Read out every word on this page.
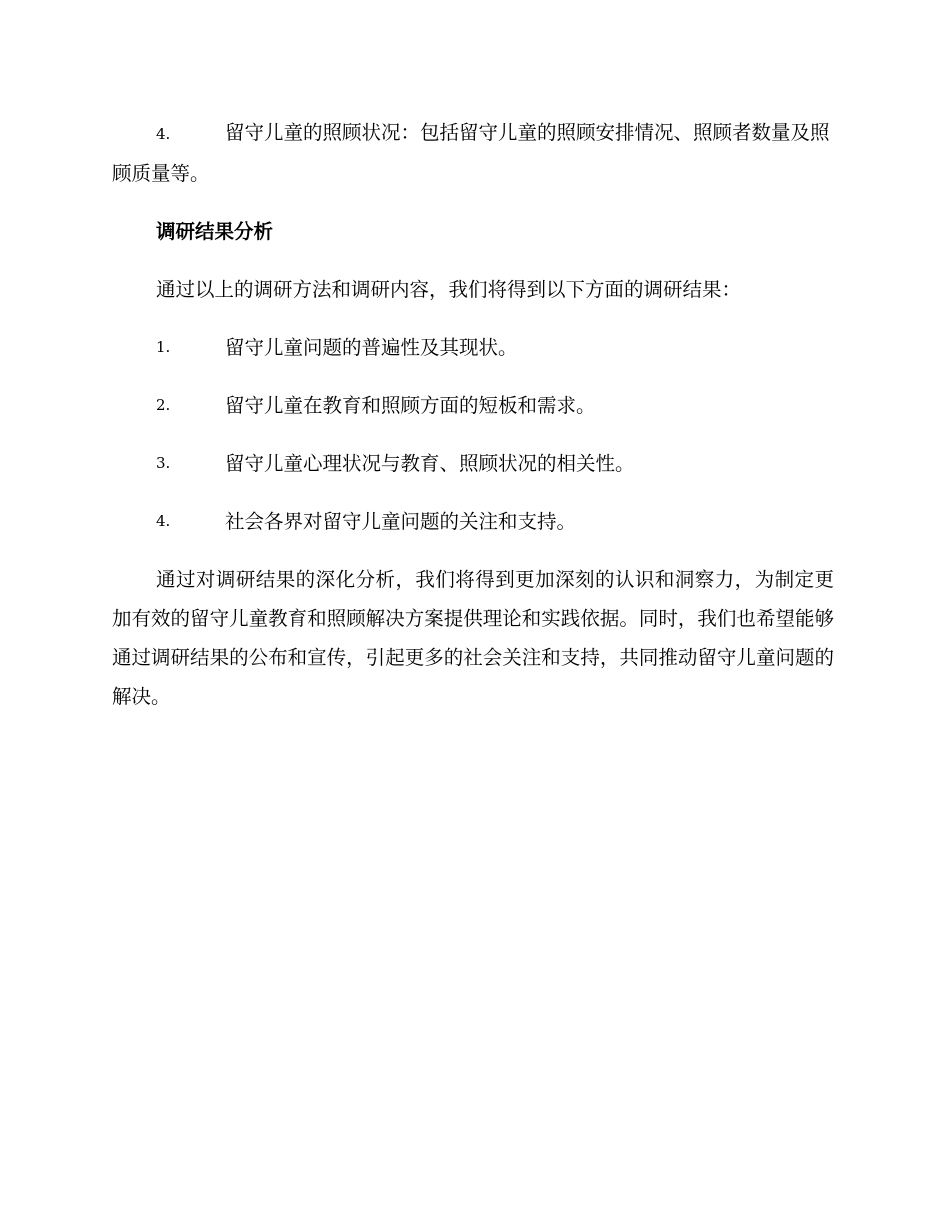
4.	留守儿童的照顾状况：包括留守儿童的照顾安排情况、照顾者数量及照顾质量等。
调研结果分析

通过以上的调研方法和调研内容，我们将得到以下方面的调研结果：

1.	留守儿童问题的普遍性及其现状。
2.	留守儿童在教育和照顾方面的短板和需求。
3.	留守儿童心理状况与教育、照顾状况的相关性。
4.	社会各界对留守儿童问题的关注和支持。

通过对调研结果的深化分析，我们将得到更加深刻的认识和洞察力，为制定更加有效的留守儿童教育和照顾解决方案提供理论和实践依据。同时，我们也希望能够通过调研结果的公布和宣传，引起更多的社会关注和支持，共同推动留守儿童问题的解决。
